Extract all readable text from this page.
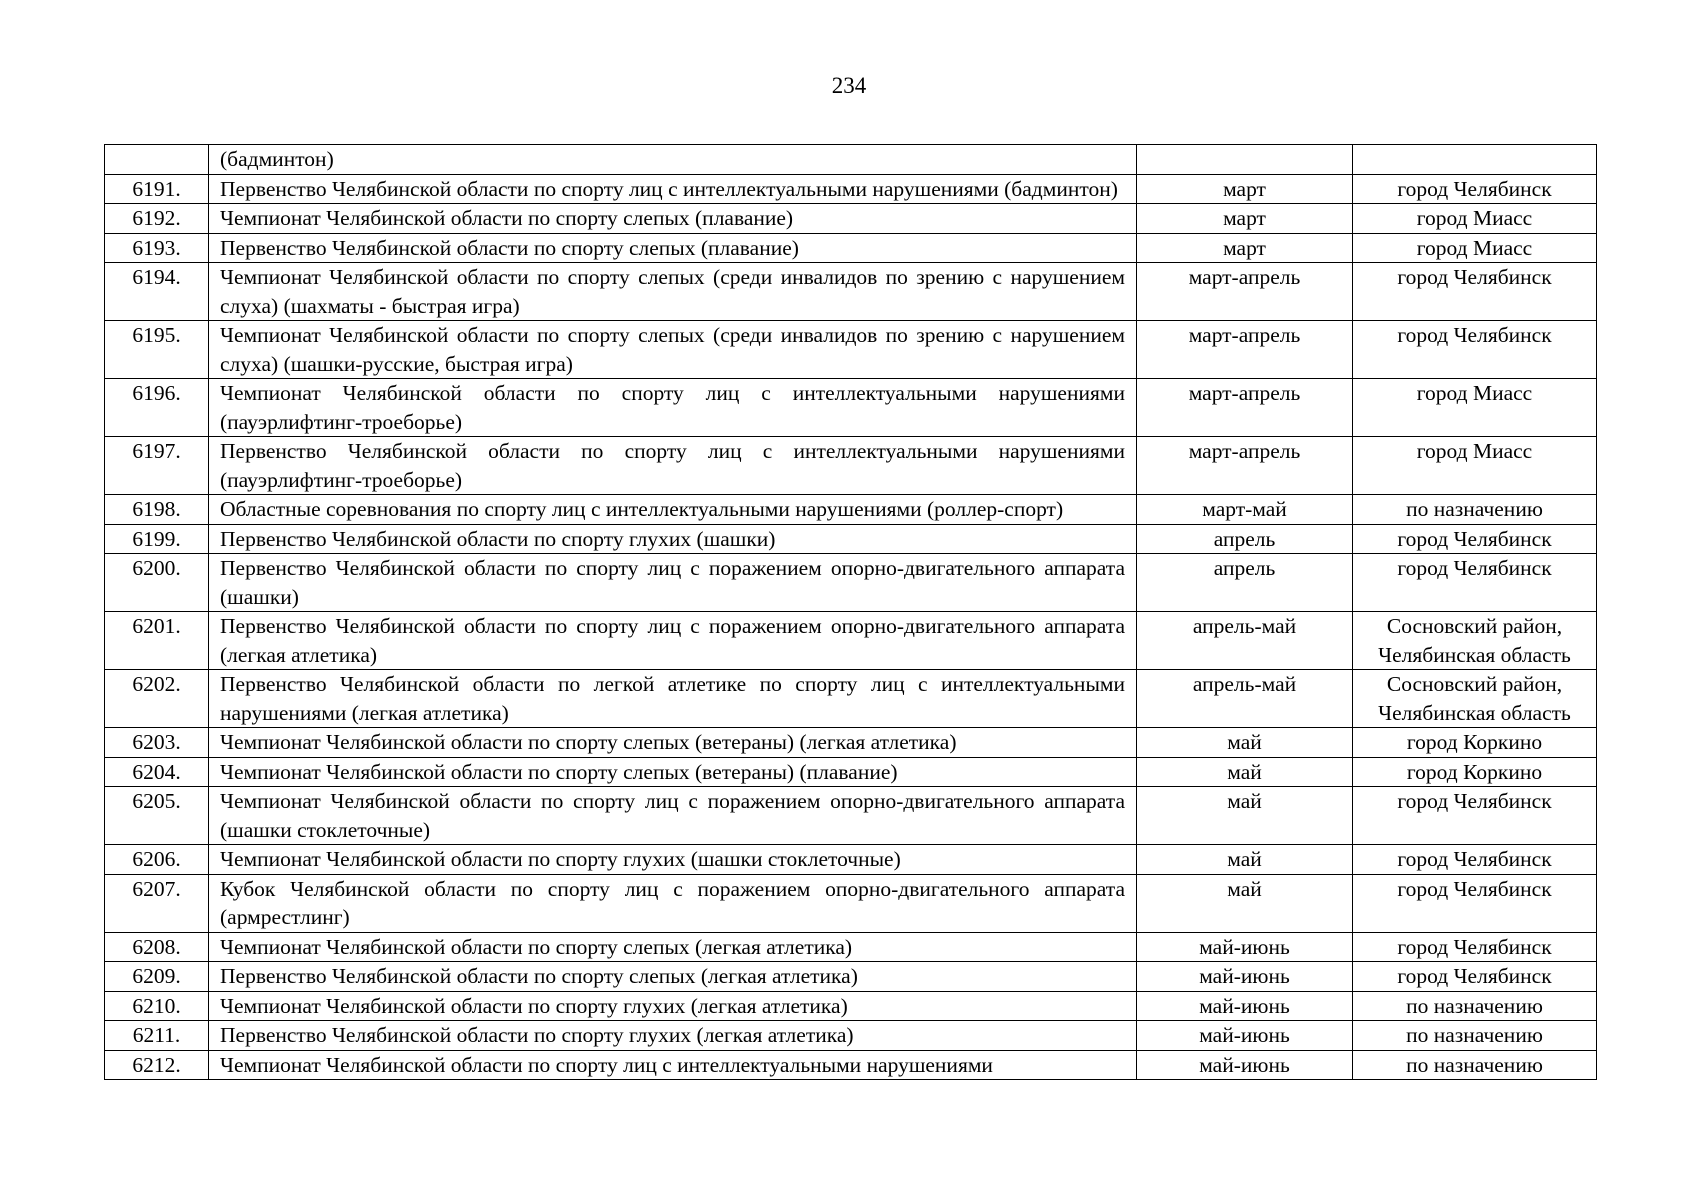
234
	(бадминтон)		
6191.	Первенство Челябинской области по спорту лиц с интеллектуальными нарушениями (бадминтон)	март	город Челябинск
6192.	Чемпионат Челябинской области по спорту слепых (плавание)	март	город Миасс
6193.	Первенство Челябинской области по спорту слепых (плавание)	март	город Миасс
6194.	Чемпионат Челябинской области по спорту слепых (среди инвалидов по зрению с нарушением слуха) (шахматы - быстрая игра)	март-апрель	город Челябинск
6195.	Чемпионат Челябинской области по спорту слепых (среди инвалидов по зрению с нарушением слуха) (шашки-русские, быстрая игра)	март-апрель	город Челябинск
6196.	Чемпионат Челябинской области по спорту лиц с интеллектуальными нарушениями (пауэрлифтинг-троеборье)	март-апрель	город Миасс
6197.	Первенство Челябинской области по спорту лиц с интеллектуальными нарушениями (пауэрлифтинг-троеборье)	март-апрель	город Миасс
6198.	Областные соревнования по спорту лиц с интеллектуальными нарушениями (роллер-спорт)	март-май	по назначению
6199.	Первенство Челябинской области по спорту глухих (шашки)	апрель	город Челябинск
6200.	Первенство Челябинской области по спорту лиц с поражением опорно-двигательного аппарата (шашки)	апрель	город Челябинск
6201.	Первенство Челябинской области по спорту лиц с поражением опорно-двигательного аппарата (легкая атлетика)	апрель-май	Сосновский район, Челябинская область
6202.	Первенство Челябинской области по легкой атлетике по спорту лиц с интеллектуальными нарушениями (легкая атлетика)	апрель-май	Сосновский район, Челябинская область
6203.	Чемпионат Челябинской области по спорту слепых (ветераны) (легкая атлетика)	май	город Коркино
6204.	Чемпионат Челябинской области по спорту слепых (ветераны) (плавание)	май	город Коркино
6205.	Чемпионат Челябинской области по спорту лиц с поражением опорно-двигательного аппарата (шашки стоклеточные)	май	город Челябинск
6206.	Чемпионат Челябинской области по спорту глухих (шашки стоклеточные)	май	город Челябинск
6207.	Кубок Челябинской области по спорту лиц с поражением опорно-двигательного аппарата (армрестлинг)	май	город Челябинск
6208.	Чемпионат Челябинской области по спорту слепых (легкая атлетика)	май-июнь	город Челябинск
6209.	Первенство Челябинской области по спорту слепых (легкая атлетика)	май-июнь	город Челябинск
6210.	Чемпионат Челябинской области по спорту глухих (легкая атлетика)	май-июнь	по назначению
6211.	Первенство Челябинской области по спорту глухих (легкая атлетика)	май-июнь	по назначению
6212.	Чемпионат Челябинской области по спорту лиц с интеллектуальными нарушениями	май-июнь	по назначению
